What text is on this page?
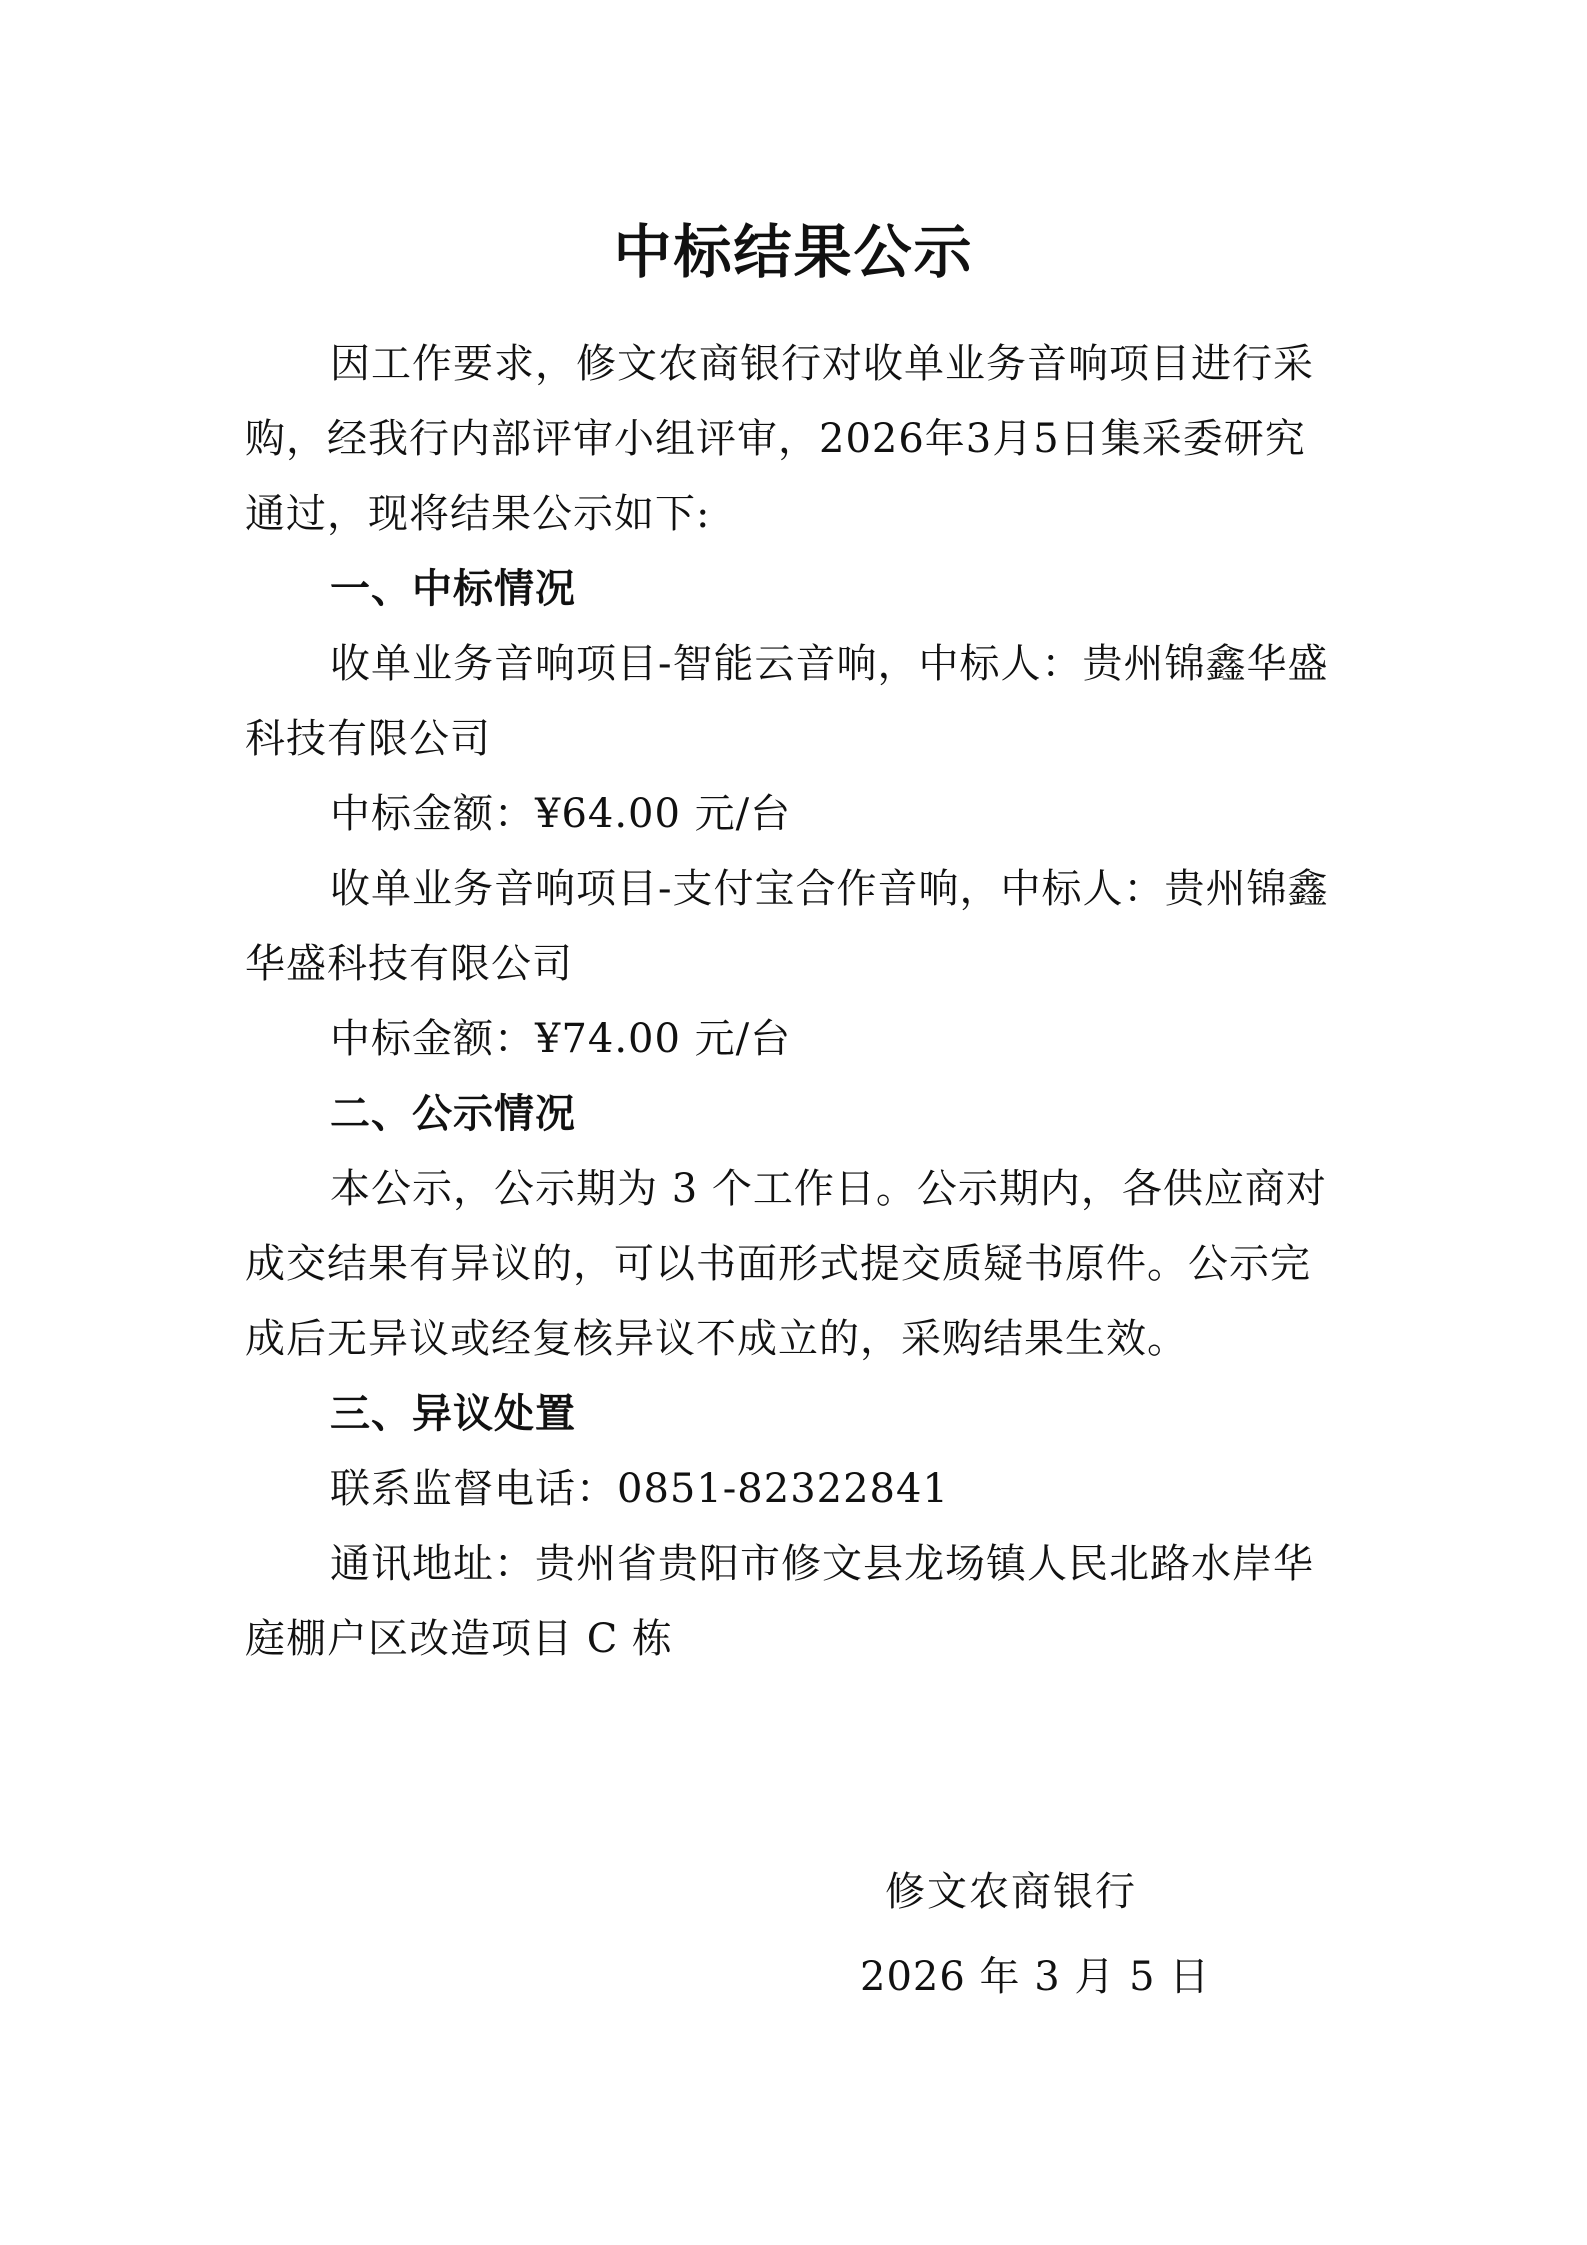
中标结果公示

因工作要求，修文农商银行对收单业务音响项目进行采购，经我行内部评审小组评审，2026年3月5日集采委研究通过，现将结果公示如下:

一、中标情况

收单业务音响项目-智能云音响，中标人：贵州锦鑫华盛科技有限公司

中标金额：¥64.00 元/台

收单业务音响项目-支付宝合作音响，中标人：贵州锦鑫华盛科技有限公司

中标金额：¥74.00 元/台

二、公示情况

本公示，公示期为 3 个工作日。公示期内，各供应商对成交结果有异议的，可以书面形式提交质疑书原件。公示完成后无异议或经复核异议不成立的，采购结果生效。

三、异议处置

联系监督电话：0851-82322841

通讯地址：贵州省贵阳市修文县龙场镇人民北路水岸华庭棚户区改造项目 C 栋

修文农商银行
2026 年 3 月 5 日
